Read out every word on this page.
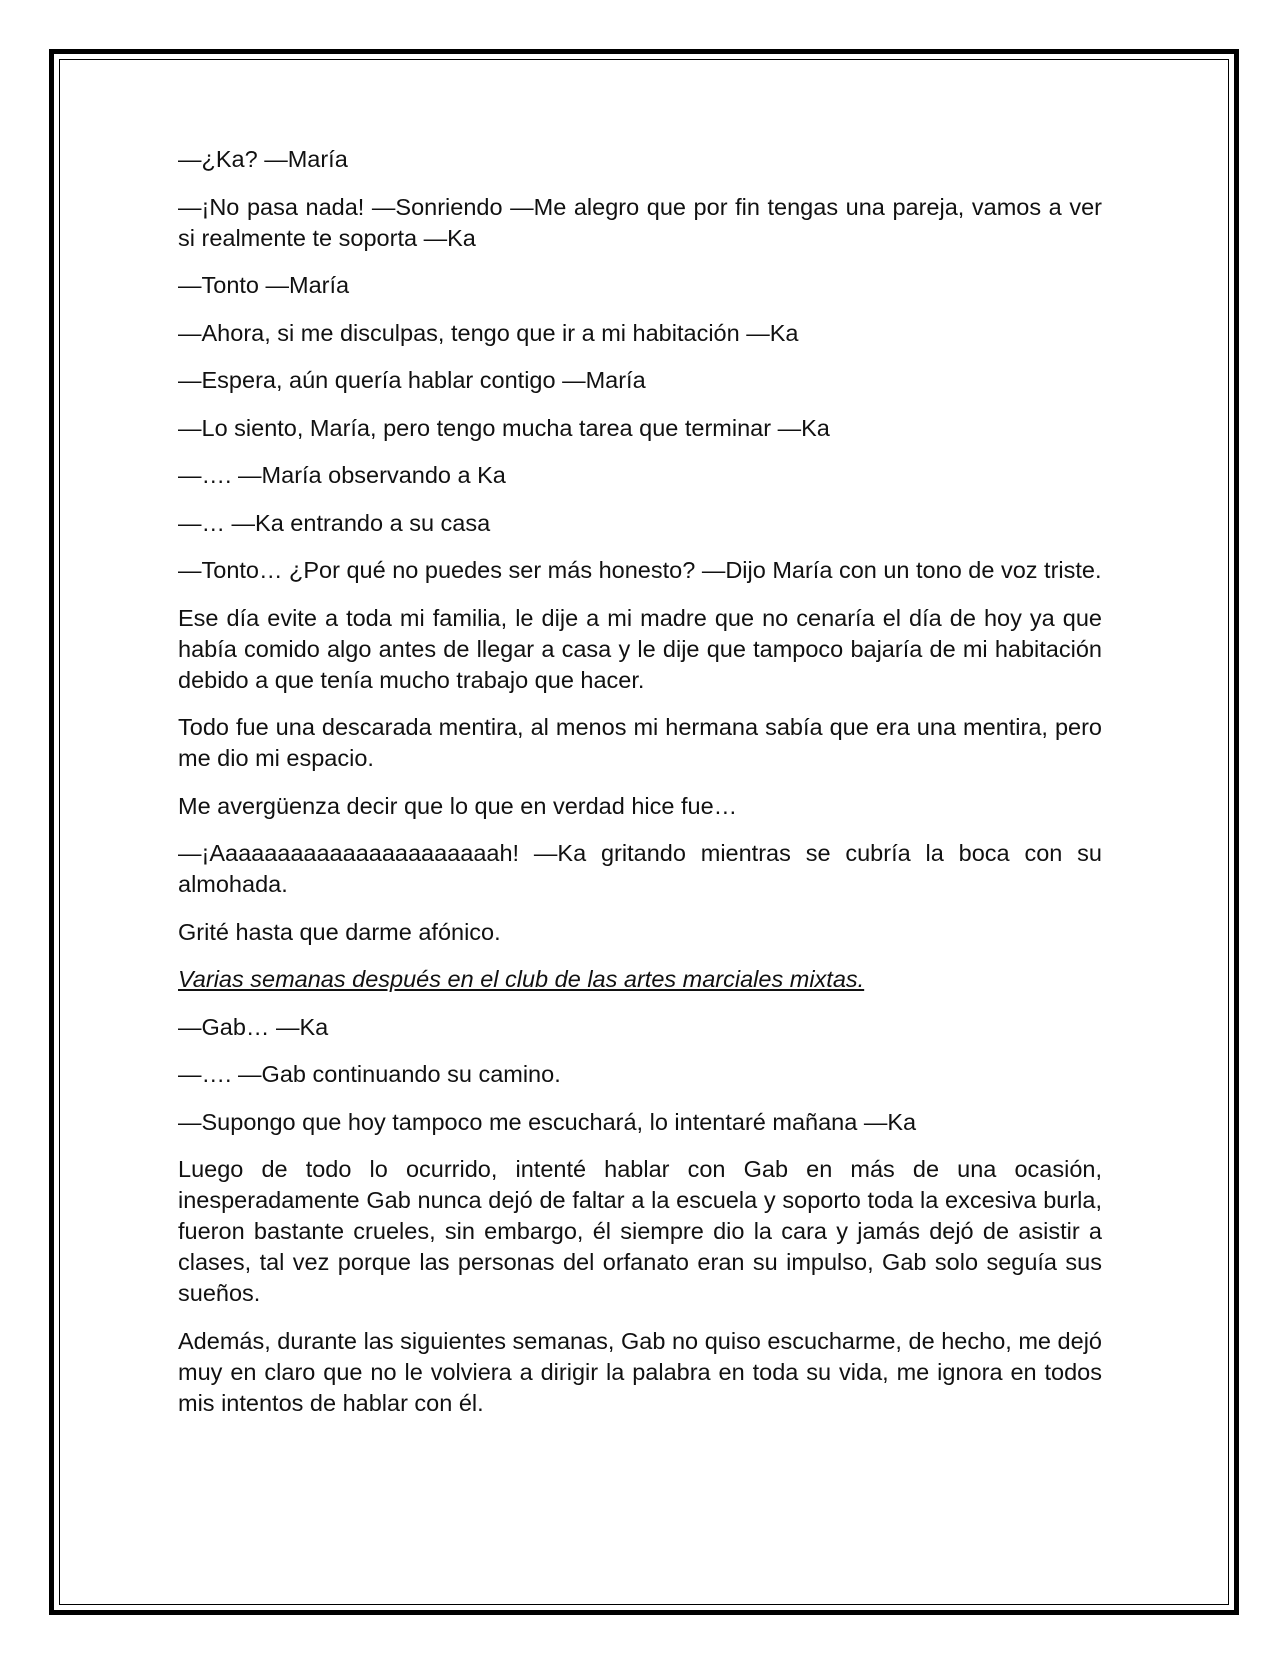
—¿Ka? —María

—¡No pasa nada! —Sonriendo —Me alegro que por fin tengas una pareja, vamos a ver si realmente te soporta —Ka

—Tonto —María

—Ahora, si me disculpas, tengo que ir a mi habitación —Ka

—Espera, aún quería hablar contigo —María

—Lo siento, María, pero tengo mucha tarea que terminar —Ka

—…. —María observando a Ka

—… —Ka entrando a su casa

—Tonto… ¿Por qué no puedes ser más honesto? —Dijo María con un tono de voz triste.

Ese día evite a toda mi familia, le dije a mi madre que no cenaría el día de hoy ya que había comido algo antes de llegar a casa y le dije que tampoco bajaría de mi habitación debido a que tenía mucho trabajo que hacer.

Todo fue una descarada mentira, al menos mi hermana sabía que era una mentira, pero me dio mi espacio.

Me avergüenza decir que lo que en verdad hice fue…

—¡Aaaaaaaaaaaaaaaaaaaaaah! —Ka gritando mientras se cubría la boca con su almohada.

Grité hasta que darme afónico.

Varias semanas después en el club de las artes marciales mixtas.

—Gab… —Ka

—…. —Gab continuando su camino.

—Supongo que hoy tampoco me escuchará, lo intentaré mañana —Ka

Luego de todo lo ocurrido, intenté hablar con Gab en más de una ocasión, inesperadamente Gab nunca dejó de faltar a la escuela y soporto toda la excesiva burla, fueron bastante crueles, sin embargo, él siempre dio la cara y jamás dejó de asistir a clases, tal vez porque las personas del orfanato eran su impulso, Gab solo seguía sus sueños.

Además, durante las siguientes semanas, Gab no quiso escucharme, de hecho, me dejó muy en claro que no le volviera a dirigir la palabra en toda su vida, me ignora en todos mis intentos de hablar con él.
